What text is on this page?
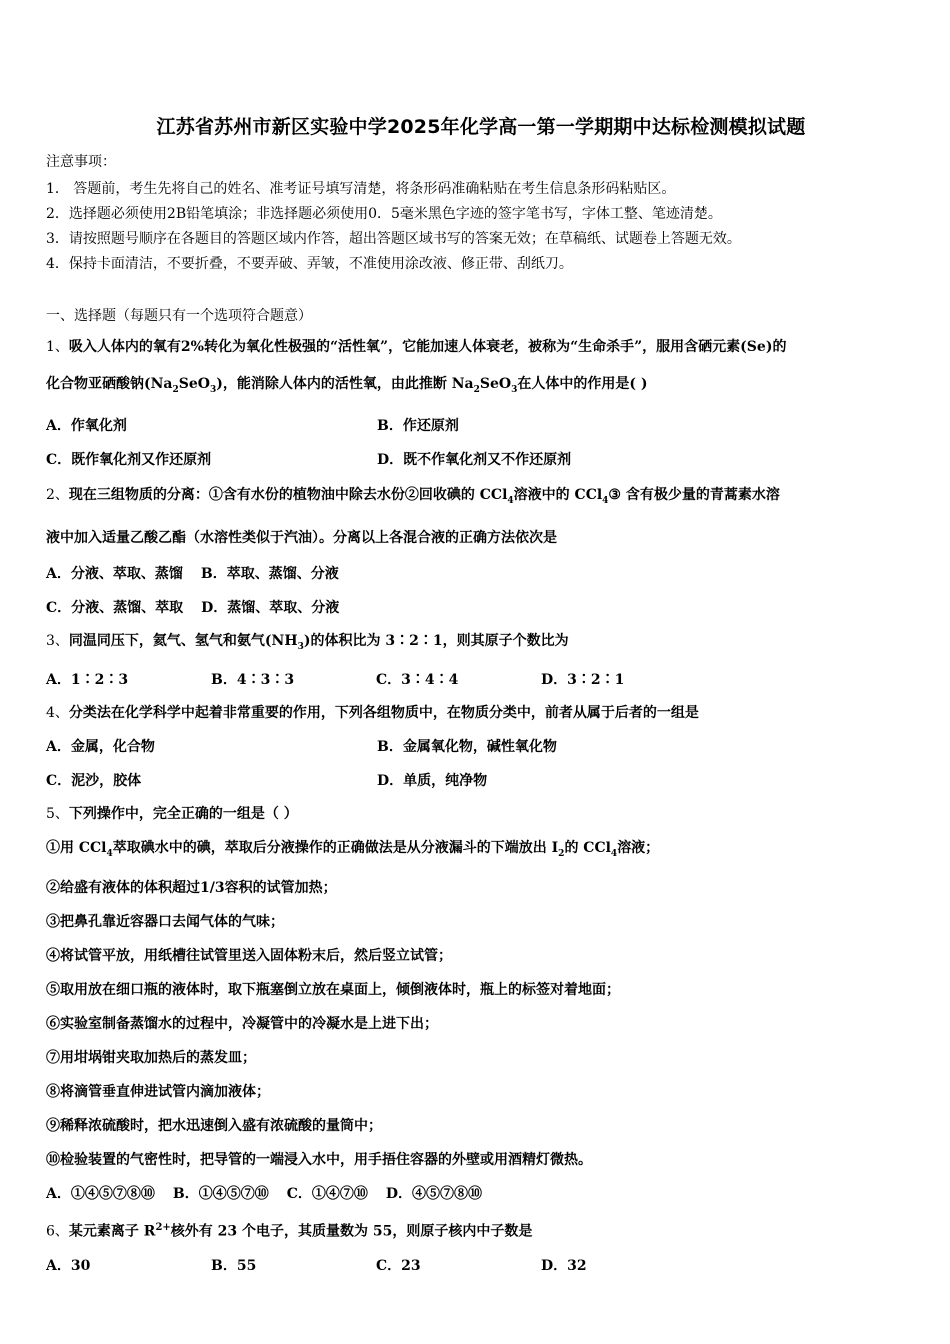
江苏省苏州市新区实验中学2025年化学高一第一学期期中达标检测模拟试题

注意事项：

1． 答题前，考生先将自己的姓名、准考证号填写清楚，将条形码准确粘贴在考生信息条形码粘贴区。

2．选择题必须使用2B铅笔填涂；非选择题必须使用0．5毫米黑色字迹的签字笔书写，字体工整、笔迹清楚。

3．请按照题号顺序在各题目的答题区域内作答，超出答题区域书写的答案无效；在草稿纸、试题卷上答题无效。

4．保持卡面清洁，不要折叠，不要弄破、弄皱，不准使用涂改液、修正带、刮纸刀。

一、选择题（每题只有一个选项符合题意）

1、吸入人体内的氧有2%转化为氧化性极强的“活性氧”，它能加速人体衰老，被称为“生命杀手”，服用含硒元素(Se)的

化合物亚硒酸钠$(Na_2SeO_3)$，能消除人体内的活性氧，由此推断 $Na_2SeO_3$在人体中的作用是( )

A．作氧化剂	B．作还原剂
C．既作氧化剂又作还原剂	D．既不作氧化剂又不作还原剂

2、现在三组物质的分离：①含有水份的植物油中除去水份②回收碘的 CCl$_4$溶液中的 CCl$_4$③ 含有极少量的青蒿素水溶

液中加入适量乙酸乙酯（水溶性类似于汽油）。分离以上各混合液的正确方法依次是

A．分液、萃取、蒸馏 B．萃取、蒸馏、分液
C．分液、蒸馏、萃取 D．蒸馏、萃取、分液

3、同温同压下，氦气、氢气和氨气$(NH_3)$的体积比为 3∶2∶1，则其原子个数比为

A．1∶2∶3	B．4∶3∶3	C．3∶4∶4	D．3∶2∶1

4、分类法在化学科学中起着非常重要的作用，下列各组物质中，在物质分类中，前者从属于后者的一组是

A．金属，化合物	B．金属氧化物，碱性氧化物
C．泥沙，胶体	D．单质，纯净物

5、下列操作中，完全正确的一组是（ ）

①用 CCl$_4$萃取碘水中的碘，萃取后分液操作的正确做法是从分液漏斗的下端放出 $I_2$的 CCl$_4$溶液；

②给盛有液体的体积超过1/3容积的试管加热；

③把鼻孔靠近容器口去闻气体的气味；

④将试管平放，用纸槽往试管里送入固体粉末后，然后竖立试管；

⑤取用放在细口瓶的液体时，取下瓶塞倒立放在桌面上，倾倒液体时，瓶上的标签对着地面；

⑥实验室制备蒸馏水的过程中，冷凝管中的冷凝水是上进下出；

⑦用坩埚钳夹取加热后的蒸发皿；

⑧将滴管垂直伸进试管内滴加液体；

⑨稀释浓硫酸时，把水迅速倒入盛有浓硫酸的量筒中；

⑩检验装置的气密性时，把导管的一端浸入水中，用手捂住容器的外壁或用酒精灯微热。

A．①④⑤⑦⑧⑩ B．①④⑤⑦⑩ C．①④⑦⑩ D．④⑤⑦⑧⑩

6、某元素离子 $R^{2+}$核外有 23 个电子，其质量数为 55，则原子核内中子数是

A．30	B．55	C．23	D．32
